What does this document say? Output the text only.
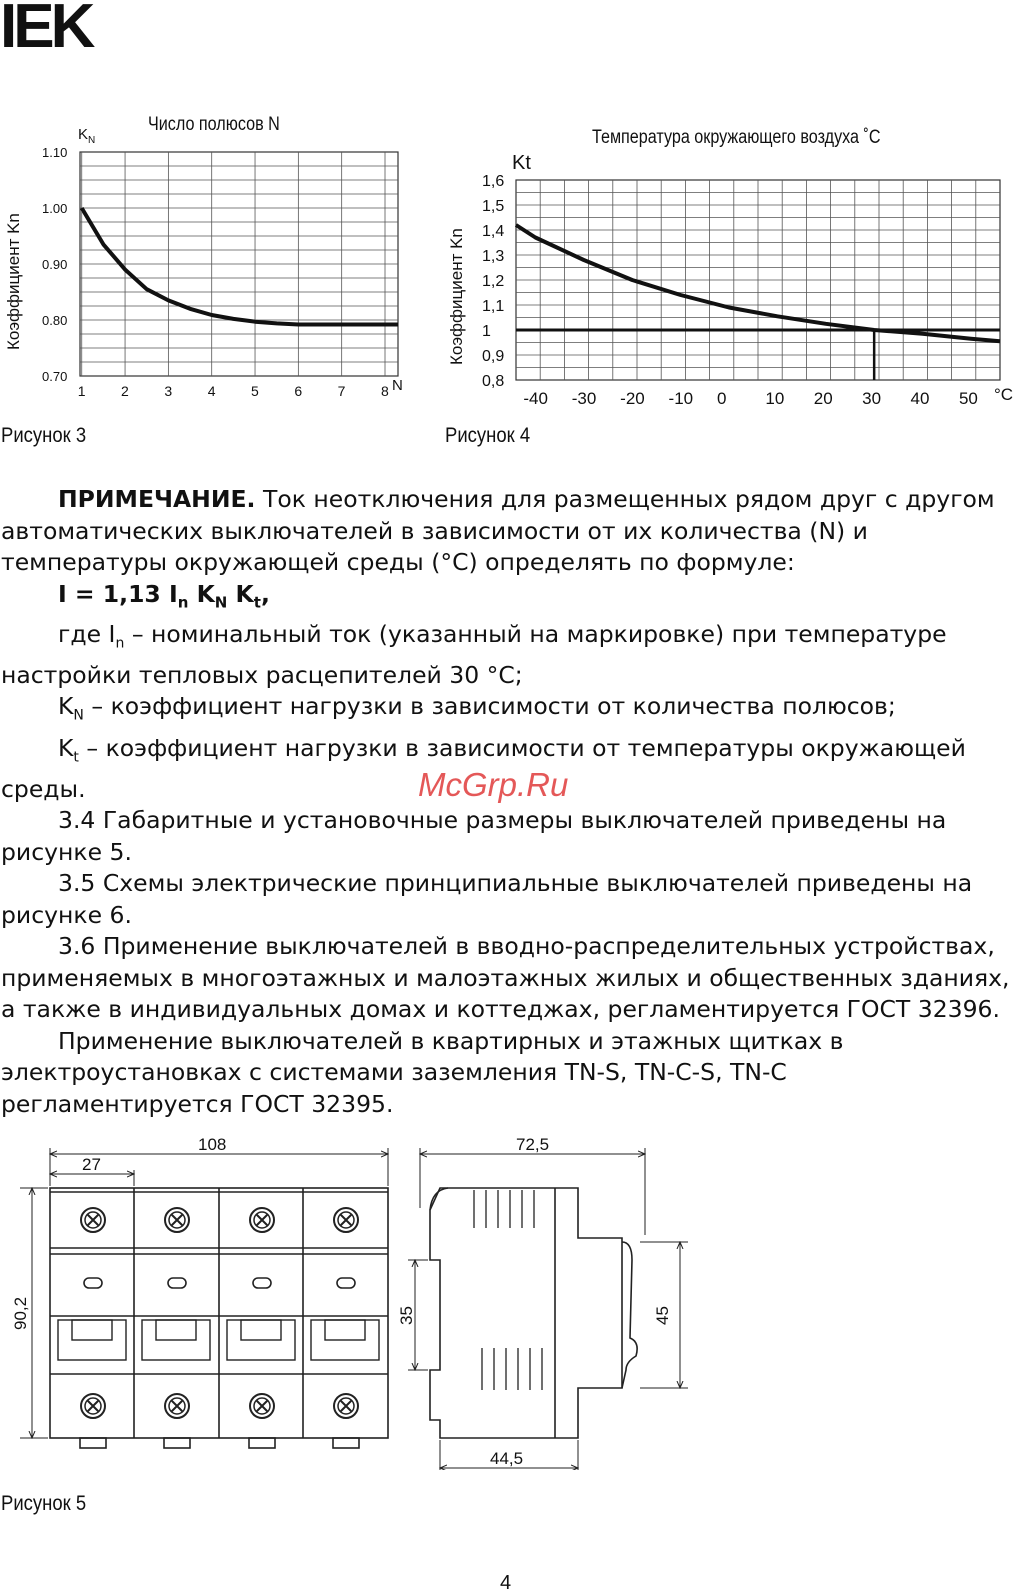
IEK
Число полюсов N
$K_N$
Коэффициент Kn
1	2	3	4	5	6	7	8
1.10
1.00
0.90
0.80
0.70
N
Рисунок 3
Температура окружающего воздуха ˚C
Kt
Коэффициент Kn
1,6
1,5
1,4
1,3
1,2
1,1
1
0,9
0,8
-40 -30 -20 -10 0 10 20 30 40 50 °C
Рисунок 4

ПРИМЕЧАНИЕ. Ток неотключения для размещенных рядом друг с другом автоматических выключателей в зависимости от их количества (N) и температуры окружающей среды (°С) определять по формуле:

I = 1,13 $I_n$ $K_N$ $K_t$,

где $I_n$ – номинальный ток (указанный на маркировке) при температуре настройки тепловых расцепителей 30 °С;

$K_N$ – коэффициент нагрузки в зависимости от количества полюсов;

$K_t$ – коэффициент нагрузки в зависимости от температуры окружающей среды.

3.4 Габаритные и установочные размеры выключателей приведены на рисунке 5.

3.5 Схемы электрические принципиальные выключателей приведены на рисунке 6.

3.6 Применение выключателей в вводно-распределительных устройствах, применяемых в многоэтажных и малоэтажных жилых и общественных зданиях, а также в индивидуальных домах и коттеджах, регламентируется ГОСТ 32396.

Применение выключателей в квартирных и этажных щитках в электроустановках с системами заземления TN-S, TN-C-S, TN-C регламентируется ГОСТ 32395.

McGrp.Ru
108
27
90,2
72,5
35	45
44,5
Рисунок 5
4
